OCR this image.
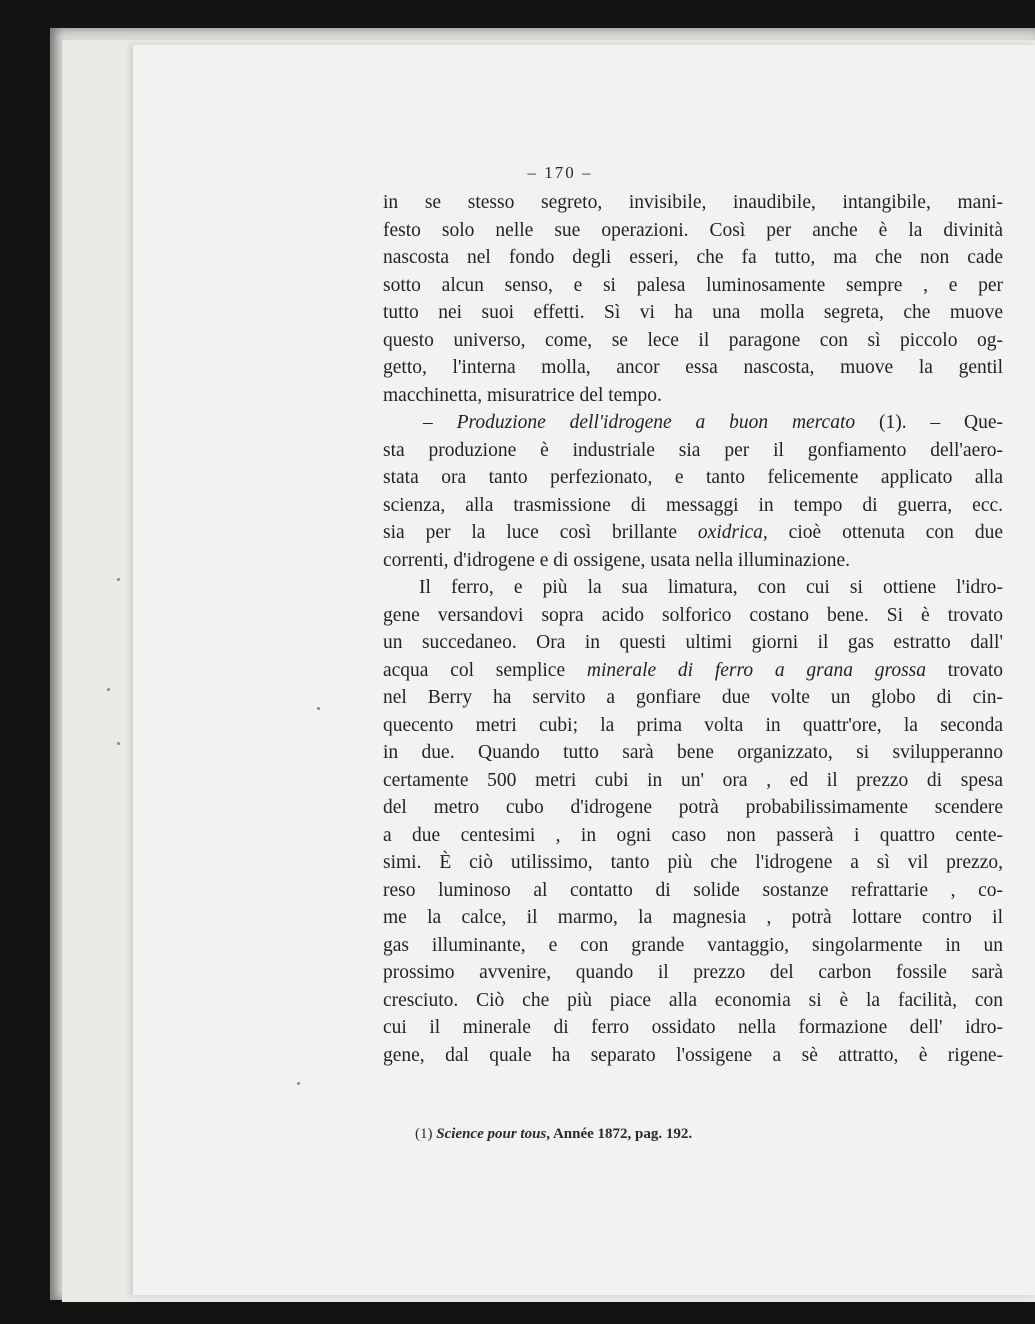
– 170 –
in se stesso segreto, invisibile, inaudibile, intangibile, mani-
festo solo nelle sue operazioni. Così per anche è la divinità
nascosta nel fondo degli esseri, che fa tutto, ma che non cade
sotto alcun senso, e si palesa luminosamente sempre , e per
tutto nei suoi effetti. Sì vi ha una molla segreta, che muove
questo universo, come, se lece il paragone con sì piccolo og-
getto, l'interna molla, ancor essa nascosta, muove la gentil
macchinetta, misuratrice del tempo.
– Produzione dell'idrogene a buon mercato (1). – Que-
sta produzione è industriale sia per il gonfiamento dell'aero-
stata ora tanto perfezionato, e tanto felicemente applicato alla
scienza, alla trasmissione di messaggi in tempo di guerra, ecc.
sia per la luce così brillante oxidrica, cioè ottenuta con due
correnti, d'idrogene e di ossigene, usata nella illuminazione.
Il ferro, e più la sua limatura, con cui si ottiene l'idro-
gene versandovi sopra acido solforico costano bene. Si è trovato
un succedaneo. Ora in questi ultimi giorni il gas estratto dall'
acqua col semplice minerale di ferro a grana grossa trovato
nel Berry ha servito a gonfiare due volte un globo di cin-
quecento metri cubi; la prima volta in quattr'ore, la seconda
in due. Quando tutto sarà bene organizzato, si svilupperanno
certamente 500 metri cubi in un' ora , ed il prezzo di spesa
del metro cubo d'idrogene potrà probabilissimamente scendere
a due centesimi , in ogni caso non passerà i quattro cente-
simi. È ciò utilissimo, tanto più che l'idrogene a sì vil prezzo,
reso luminoso al contatto di solide sostanze refrattarie , co-
me la calce, il marmo, la magnesia , potrà lottare contro il
gas illuminante, e con grande vantaggio, singolarmente in un
prossimo avvenire, quando il prezzo del carbon fossile sarà
cresciuto. Ciò che più piace alla economia si è la facilità, con
cui il minerale di ferro ossidato nella formazione dell' idro-
gene, dal quale ha separato l'ossigene a sè attratto, è rigene-
(1) Science pour tous, Année 1872, pag. 192.
